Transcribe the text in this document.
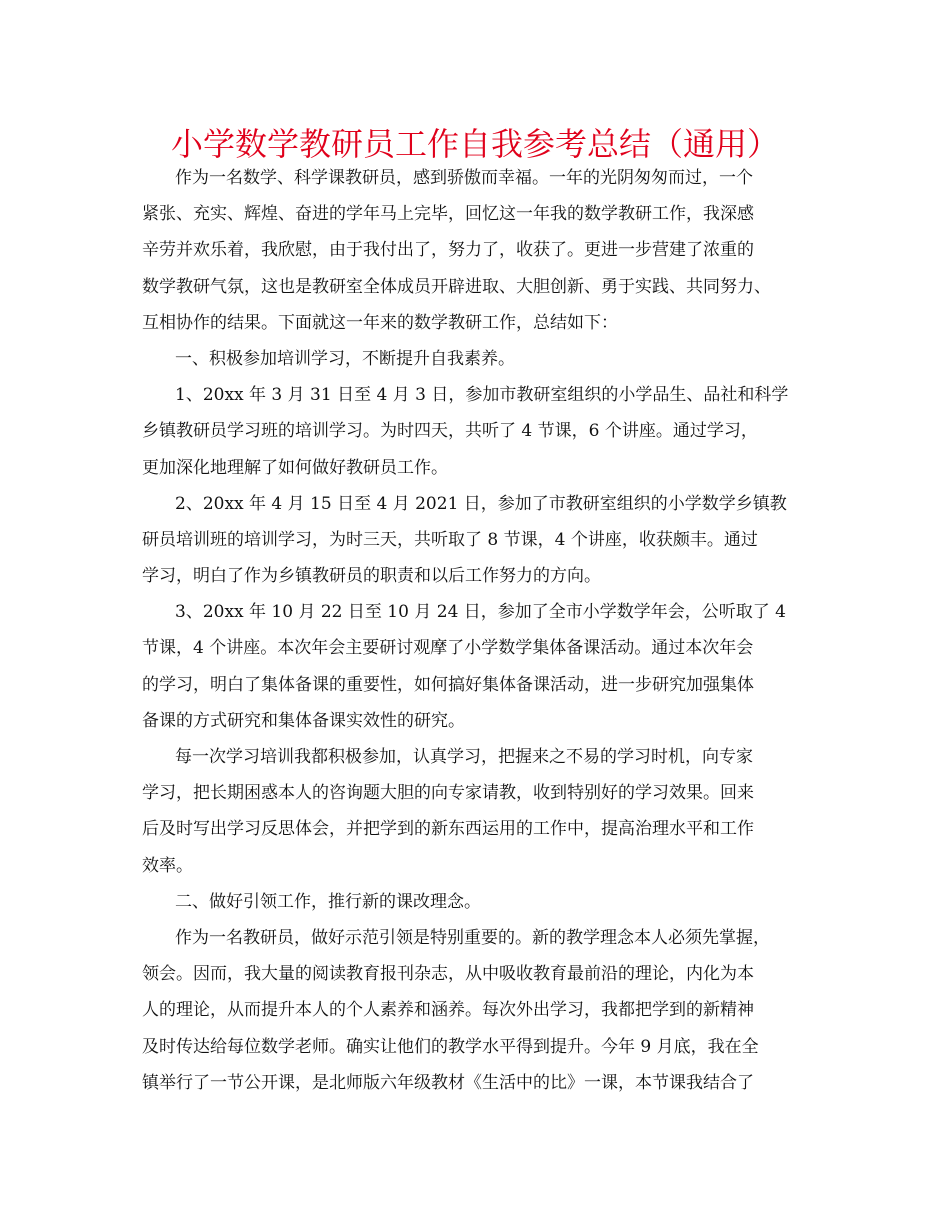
小学数学教研员工作自我参考总结（通用）
作为一名数学、科学课教研员，感到骄傲而幸福。一年的光阴匆匆而过，一个
紧张、充实、辉煌、奋进的学年马上完毕，回忆这一年我的数学教研工作，我深感
辛劳并欢乐着，我欣慰，由于我付出了，努力了，收获了。更进一步营建了浓重的
数学教研气氛，这也是教研室全体成员开辟进取、大胆创新、勇于实践、共同努力、
互相协作的结果。下面就这一年来的数学教研工作，总结如下：
一、积极参加培训学习，不断提升自我素养。
1、20xx 年 3 月 31 日至 4 月 3 日，参加市教研室组织的小学品生、品社和科学
乡镇教研员学习班的培训学习。为时四天，共听了 4 节课，6 个讲座。通过学习，
更加深化地理解了如何做好教研员工作。
2、20xx 年 4 月 15 日至 4 月 2021 日，参加了市教研室组织的小学数学乡镇教
研员培训班的培训学习，为时三天，共听取了 8 节课，4 个讲座，收获颇丰。通过
学习，明白了作为乡镇教研员的职责和以后工作努力的方向。
3、20xx 年 10 月 22 日至 10 月 24 日，参加了全市小学数学年会，公听取了 4
节课，4 个讲座。本次年会主要研讨观摩了小学数学集体备课活动。通过本次年会
的学习，明白了集体备课的重要性，如何搞好集体备课活动，进一步研究加强集体
备课的方式研究和集体备课实效性的研究。
每一次学习培训我都积极参加，认真学习，把握来之不易的学习时机，向专家
学习，把长期困惑本人的咨询题大胆的向专家请教，收到特别好的学习效果。回来
后及时写出学习反思体会，并把学到的新东西运用的工作中，提高治理水平和工作
效率。
二、做好引领工作，推行新的课改理念。
作为一名教研员，做好示范引领是特别重要的。新的教学理念本人必须先掌握，
领会。因而，我大量的阅读教育报刊杂志，从中吸收教育最前沿的理论，内化为本
人的理论，从而提升本人的个人素养和涵养。每次外出学习，我都把学到的新精神
及时传达给每位数学老师。确实让他们的教学水平得到提升。今年 9 月底，我在全
镇举行了一节公开课，是北师版六年级教材《生活中的比》一课，本节课我结合了
